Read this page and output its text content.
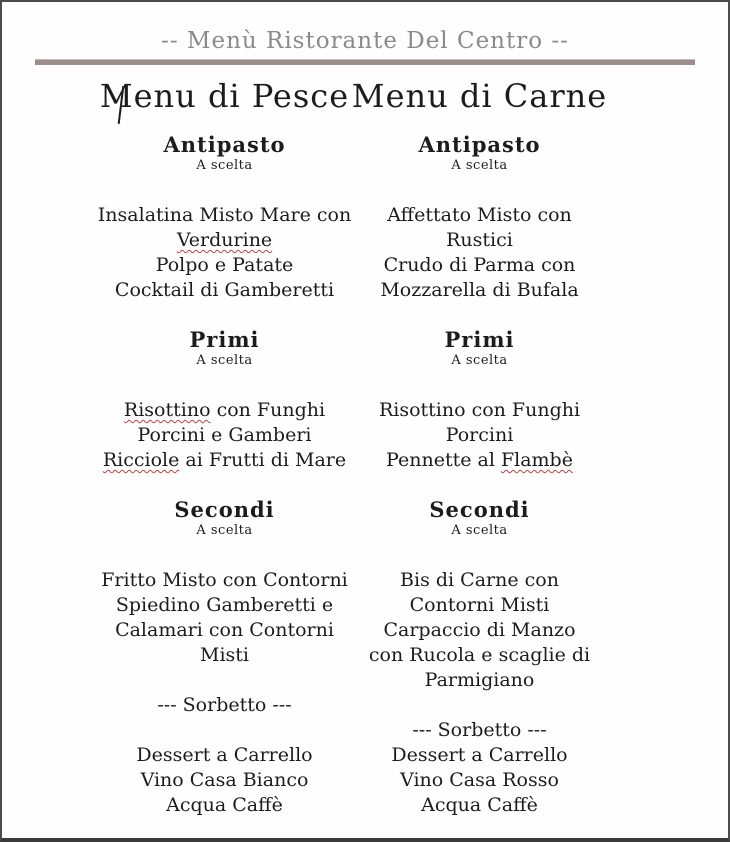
-- Menù Ristorante Del Centro --
Menu di Pesce
Antipasto
A scelta
Insalatina Misto Mare con
Verdurine
Polpo e Patate
Cocktail di Gamberetti
Primi
A scelta
Risottino con Funghi
Porcini e Gamberi
Ricciole ai Frutti di Mare
Secondi
A scelta
Fritto Misto con Contorni
Spiedino Gamberetti e
Calamari con Contorni
Misti
--- Sorbetto ---
Dessert a Carrello
Vino Casa Bianco
Acqua Caffè
Menu di Carne
Antipasto
A scelta
Affettato Misto con
Rustici
Crudo di Parma con
Mozzarella di Bufala
Primi
A scelta
Risottino con Funghi
Porcini
Pennette al Flambè
Secondi
A scelta
Bis di Carne con
Contorni Misti
Carpaccio di Manzo
con Rucola e scaglie di
Parmigiano
--- Sorbetto ---
Dessert a Carrello
Vino Casa Rosso
Acqua Caffè
